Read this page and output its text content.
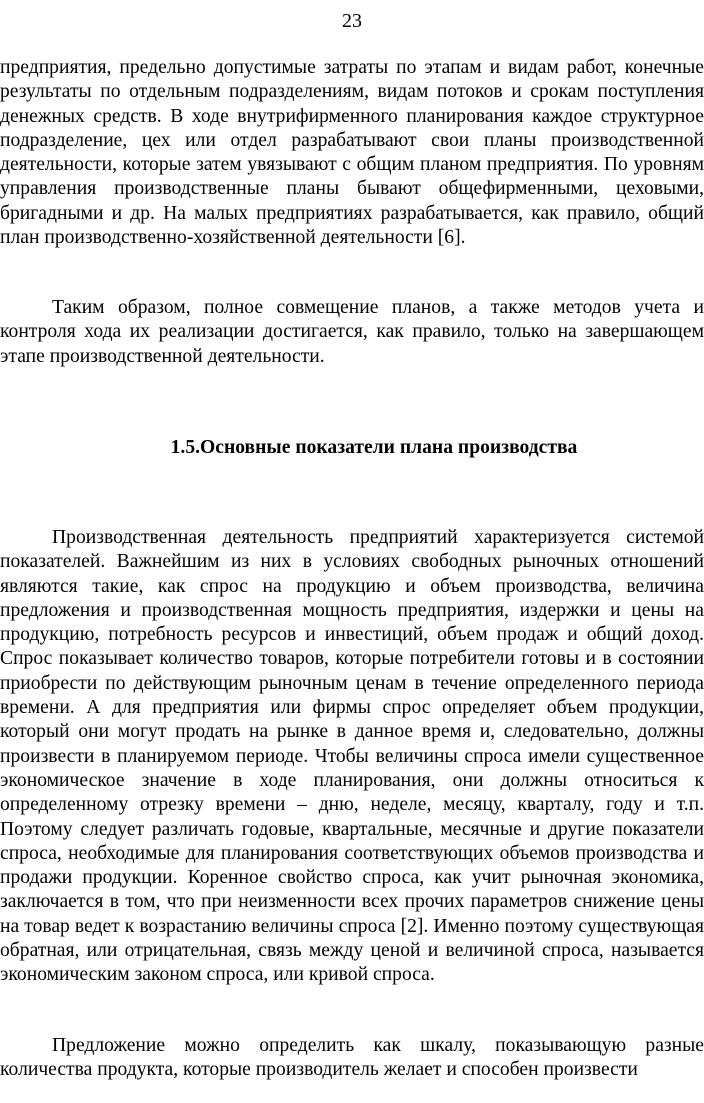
23

предприятия, предельно допустимые затраты по этапам и видам работ, конечные результаты по отдельным подразделениям, видам потоков и срокам поступления денежных средств. В ходе внутрифирменного планирования каждое структурное подразделение, цех или отдел разрабатывают свои планы производственной деятельности, которые затем увязывают с общим планом предприятия. По уровням управления производственные планы бывают общефирменными, цеховыми, бригадными и др. На малых предприятиях разрабатывается, как правило, общий план производственно-хозяйственной деятельности [6].

Таким образом, полное совмещение планов, а также методов учета и контроля хода их реализации достигается, как правило, только на завершающем этапе производственной деятельности.

1.5.Основные показатели плана производства

Производственная деятельность предприятий характеризуется системой показателей. Важнейшим из них в условиях свободных рыночных отношений являются такие, как спрос на продукцию и объем производства, величина предложения и производственная мощность предприятия, издержки и цены на продукцию, потребность ресурсов и инвестиций, объем продаж и общий доход. Спрос показывает количество товаров, которые потребители готовы и в состоянии приобрести по действующим рыночным ценам в течение определенного периода времени. А для предприятия или фирмы спрос определяет объем продукции, который они могут продать на рынке в данное время и, следовательно, должны произвести в планируемом периоде. Чтобы величины спроса имели существенное экономическое значение в ходе планирования, они должны относиться к определенному отрезку времени – дню, неделе, месяцу, кварталу, году и т.п. Поэтому следует различать годовые, квартальные, месячные и другие показатели спроса, необходимые для планирования соответствующих объемов производства и продажи продукции. Коренное свойство спроса, как учит рыночная экономика, заключается в том, что при неизменности всех прочих параметров снижение цены на товар ведет к возрастанию величины спроса [2]. Именно поэтому существующая обратная, или отрицательная, связь между ценой и величиной спроса, называется экономическим законом спроса, или кривой спроса.

Предложение можно определить как шкалу, показывающую разные количества продукта, которые производитель желает и способен произвести
